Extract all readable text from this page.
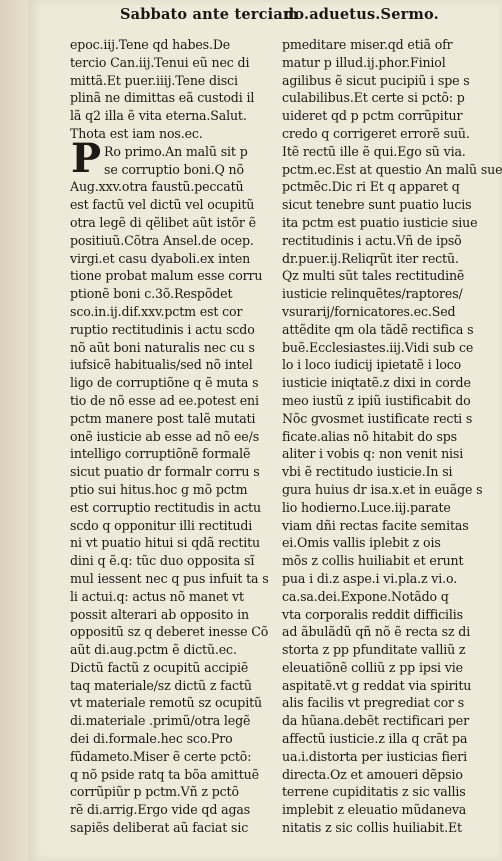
Sabbato ante terciam
do.aduetus.Sermo.
P
epoc.iij.Tene qd habes.De
tercio Can.iij.Tenui eũ nec di
mittã.Et puer.iiij.Tene disci
plinã ne dimittas eã custodi il
lã q2 illa ẽ vita eterna.Salut.
Thota est iam nos.ec.
Ro primo.An malũ sit p
se corruptio boni.Q nõ
Aug.xxv.otra faustũ.peccatũ
est factũ vel dictũ vel ocupitũ
otra legẽ di qẽlibet aũt istõr ẽ
positiuũ.Cõtra Ansel.de ocep.
virgi.et casu dyaboli.ex inten
tione probat malum esse corru
ptionẽ boni c.3õ.Respõdet
sco.in.ij.dif.xxv.pctm est cor
ruptio rectitudinis i actu scdo
nõ aũt boni naturalis nec cu s
iufsicẽ habitualis/sed nõ intel
ligo de corruptiõne q ẽ muta s
tio de nõ esse ad ee.potest eni
pctm manere post talẽ mutati
onẽ iusticie ab esse ad nõ ee/s
intelligo corruptiõnẽ formalẽ
sicut puatio dr formalr corru s
ptio sui hitus.hoc g mõ pctm
est corruptio rectitudis in actu
scdo q opponitur illi rectitudi
ni vt puatio hitui si qdã rectitu
dini q ẽ.q: tũc duo opposita sĩ
mul iessent nec q pus infuit ta s
li actui.q: actus nõ manet vt
possit alterari ab opposito in
oppositũ sz q deberet inesse Cõ
aũt di.aug.pctm ẽ dictũ.ec.
Dictũ factũ z ocupitũ accipiẽ
taq materiale/sz dictũ z factũ
vt materiale remotũ sz ocupitũ
di.materiale .primũ/otra legẽ
dei di.formale.hec sco.Pro
fũdameto.Miser ẽ certe pctõ:
q nõ pside ratq ta bõa amittuẽ
corrũpiũr p pctm.Vñ z pctõ
rẽ di.arrig.Ergo vide qd agas
sapiẽs deliberat aũ faciat sic
pmeditare miser.qd etiã ofr
matur p illud.ij.phor.Finiol
agilibus ẽ sicut pucipiũ i spe s
culabilibus.Et certe si pctõ: p
uideret qd p pctm corrũpitur
credo q corrigeret errorẽ suũ.
Itẽ rectũ ille ẽ qui.Ego sũ via.
pctm.ec.Est at questio An malũ sue
pctmẽc.Dic ri Et q apparet q
sicut tenebre sunt puatio lucis
ita pctm est puatio iusticie siue
rectitudinis i actu.Vñ de ipsõ
dr.puer.ij.Reliqrũt iter rectũ.
Qz multi sũt tales rectitudinẽ
iusticie relinquẽtes/raptores/
vsurarij/fornicatores.ec.Sed
attẽdite qm ola tãdẽ rectifica s
buẽ.Ecclesiastes.iij.Vidi sub ce
lo i loco iudicij ipietatẽ i loco
iusticie iniqtatẽ.z dixi in corde
meo iustũ z ipiũ iustificabit do
Nõc gvosmet iustificate recti s
ficate.alias nõ hitabit do sps
aliter i vobis q: non venit nisi
vbi ẽ rectitudo iusticie.In si
gura huius dr isa.x.et in euãge s
lio hodierno.Luce.iij.parate
viam dñi rectas facite semitas
ei.Omis vallis iplebit z ois
mõs z collis huiliabit et erunt
pua i di.z aspe.i vi.pla.z vi.o.
ca.sa.dei.Expone.Notãdo q
vta corporalis reddit difficilis
ad ãbulãdũ qñ nõ ẽ recta sz di
storta z pp pfunditate valliũ z
eleuatiõnẽ colliũ z pp ipsi vie
aspitatẽ.vt g reddat via spiritu
alis facilis vt pregrediat cor s
da hũana.debẽt rectificari per
affectũ iusticie.z illa q crãt pa
ua.i.distorta per iusticias fieri
directa.Oz et amoueri dẽpsio
terrene cupiditatis z sic vallis
implebit z eleuatio mũdaneva
nitatis z sic collis huiliabit.Et
